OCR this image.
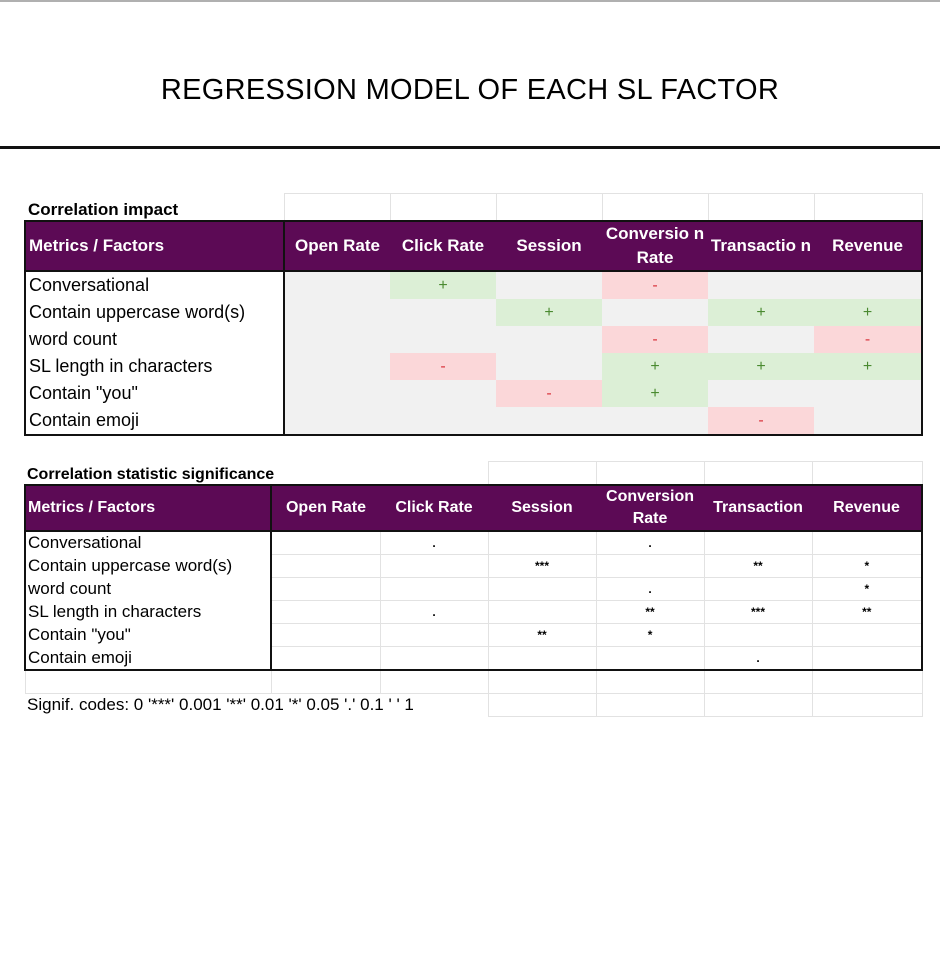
REGRESSION MODEL OF EACH SL FACTOR
Correlation impact						
Metrics / Factors	Open Rate	Click Rate	Session	Conversio n Rate	Transactio n	Revenue
Conversational		+		-		
Contain uppercase word(s)			+		+	+
word count				-		-
SL length in characters		-		+	+	+
Contain "you"			-	+		
Contain emoji					-	
Correlation statistic significance						
Metrics / Factors	Open Rate	Click Rate	Session	Conversion Rate	Transaction	Revenue
Conversational		.		.		
Contain uppercase word(s)			***		**	*
word count				.		*
SL length in characters		.		**	***	**
Contain "you"			**	*		
Contain emoji					.	

Signif. codes: 0 '***' 0.001 '**' 0.01 '*' 0.05 '.' 0.1 ' ' 1						
